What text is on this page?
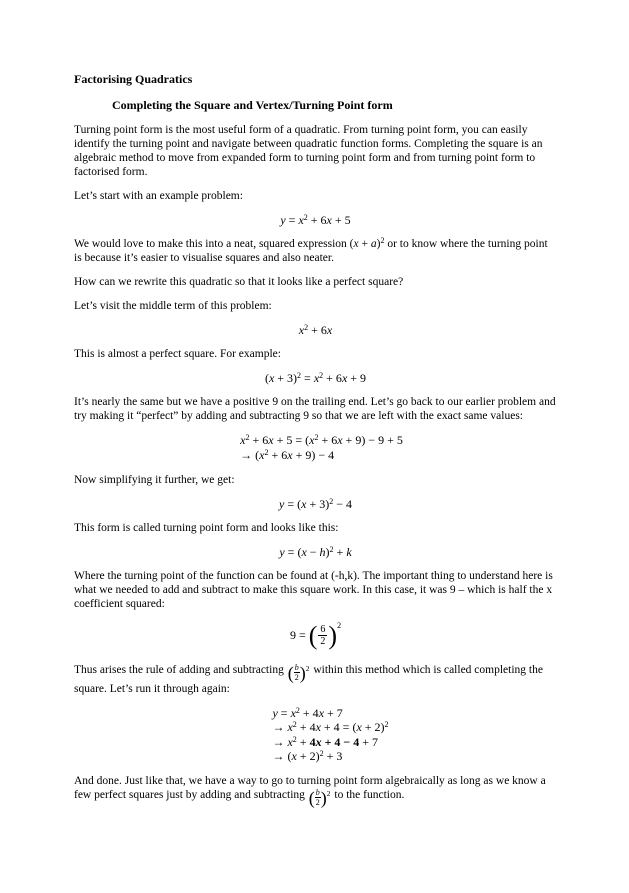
Factorising Quadratics

Completing the Square and Vertex/Turning Point form

Turning point form is the most useful form of a quadratic. From turning point form, you can easily identify the turning point and navigate between quadratic function forms. Completing the square is an algebraic method to move from expanded form to turning point form and from turning point form to factorised form.

Let’s start with an example problem:

$y = x^2 + 6x + 5$

We would love to make this into a neat, squared expression $(x + a)^2$ or to know where the turning point is because it’s easier to visualise squares and also neater.

How can we rewrite this quadratic so that it looks like a perfect square?

Let’s visit the middle term of this problem:

$x^2 + 6x$

This is almost a perfect square. For example:

$(x + 3)^2 = x^2 + 6x + 9$

It’s nearly the same but we have a positive 9 on the trailing end. Let’s go back to our earlier problem and try making it “perfect” by adding and subtracting 9 so that we are left with the exact same values:

$x^2 + 6x + 5 = (x^2 + 6x + 9) - 9 + 5$
→ $(x^2 + 6x + 9) - 4$

Now simplifying it further, we get:

$y = (x + 3)^2 - 4$

This form is called turning point form and looks like this:

$y = (x - h)^2 + k$

Where the turning point of the function can be found at (-h,k). The important thing to understand here is what we needed to add and subtract to make this square work. In this case, it was 9 – which is half the x coefficient squared:

9 = ( $\frac{6}{2}$ ) 2

Thus arises the rule of adding and subtracting ( $\frac{b}{2}$ ) 2 within this method which is called completing the square. Let’s run it through again:

$y = x^2 + 4x + 7$
→ $x^2 + 4x + 4 = (x + 2)^2$
→ $x^2 + 4x + 4 - 4 + 7$
→ $(x + 2)^2 + 3$

And done. Just like that, we have a way to go to turning point form algebraically as long as we know a few perfect squares just by adding and subtracting ( $\frac{b}{2}$ ) 2 to the function.
